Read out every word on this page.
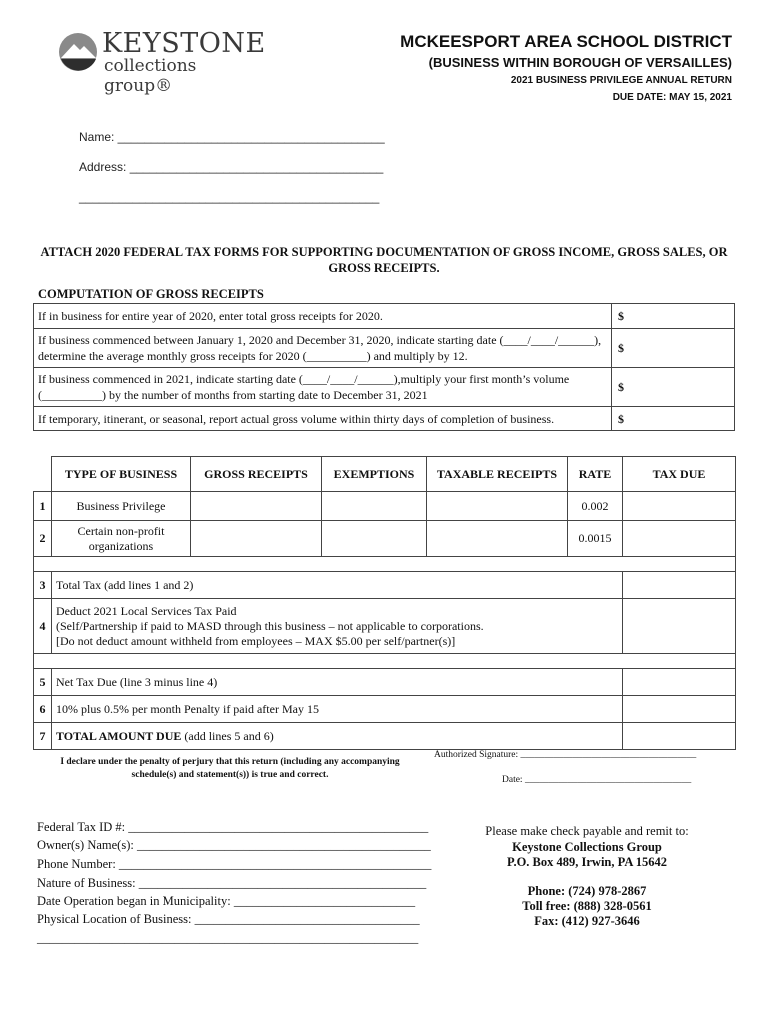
KEYSTONE
collections group®
MCKEESPORT AREA SCHOOL DISTRICT
(BUSINESS WITHIN BOROUGH OF VERSAILLES)
2021 BUSINESS PRIVILEGE ANNUAL RETURN
DUE DATE: MAY 15, 2021
Name: ________________________________________
Address: ______________________________________
_____________________________________________
ATTACH 2020 FEDERAL TAX FORMS FOR SUPPORTING DOCUMENTATION OF GROSS INCOME, GROSS SALES, OR GROSS RECEIPTS.
COMPUTATION OF GROSS RECEIPTS
If in business for entire year of 2020, enter total gross receipts for 2020.	$
If business commenced between January 1, 2020 and December 31, 2020, indicate starting date (____/____/______), determine the average monthly gross receipts for 2020 (__________) and multiply by 12.	$
If business commenced in 2021, indicate starting date (____/____/______),multiply your first month’s volume (__________) by the number of months from starting date to December 31, 2021	$
If temporary, itinerant, or seasonal, report actual gross volume within thirty days of completion of business.	$
	TYPE OF BUSINESS	GROSS RECEIPTS	EXEMPTIONS	TAXABLE RECEIPTS	RATE	TAX DUE
1	Business Privilege				0.002	
2	Certain non-profit organizations				0.0015	

3	Total Tax (add lines 1 and 2)					
4	Deduct 2021 Local Services Tax Paid
(Self/Partnership if paid to MASD through this business – not applicable to corporations.
[Do not deduct amount withheld from employees – MAX $5.00 per self/partner(s)]					

5	Net Tax Due (line 3 minus line 4)					
6	10% plus 0.5% per month Penalty if paid after May 15					
7	TOTAL AMOUNT DUE (add lines 5 and 6)					
I declare under the penalty of perjury that this return (including any accompanying schedule(s) and statement(s)) is true and correct.
Authorized Signature: _____________________________________
Date: ___________________________________
Federal Tax ID #: ________________________________________________
Owner(s) Name(s): _______________________________________________
Phone Number: __________________________________________________
Nature of Business: ______________________________________________
Date Operation began in Municipality: _____________________________
Physical Location of Business: ____________________________________
_____________________________________________________________
Please make check payable and remit to:
Keystone Collections Group
P.O. Box 489, Irwin, PA 15642
Phone: (724) 978-2867
Toll free: (888) 328-0561
Fax: (412) 927-3646
